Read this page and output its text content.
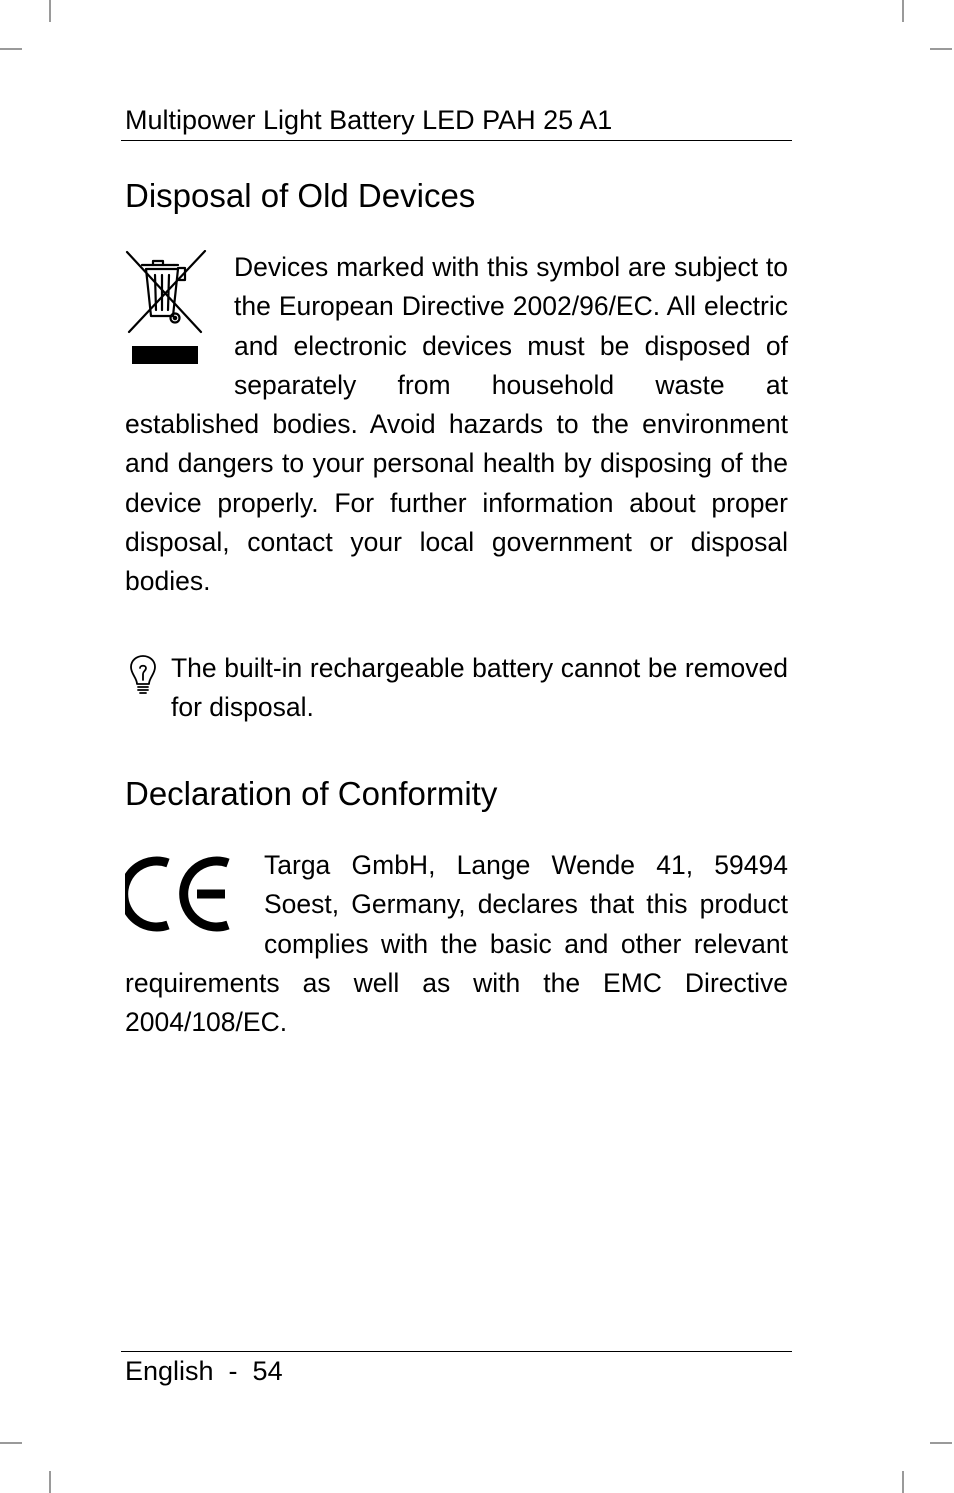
Multipower Light Battery LED PAH 25 A1
Disposal of Old Devices
Devices marked with this symbol are subject to the European Directive 2002/96/EC. All electric and electronic devices must be disposed of separately from household waste at established bodies. Avoid hazards to the environment and dangers to your personal health by disposing of the device properly. For further information about proper disposal, contact your local government or disposal bodies.
The built-in rechargeable battery cannot be removed for disposal.
Declaration of Conformity
Targa GmbH, Lange Wende 41, 59494 Soest, Germany, declares that this product complies with the basic and other relevant requirements as well as with the EMC Directive 2004/108/EC.
English  -  54
